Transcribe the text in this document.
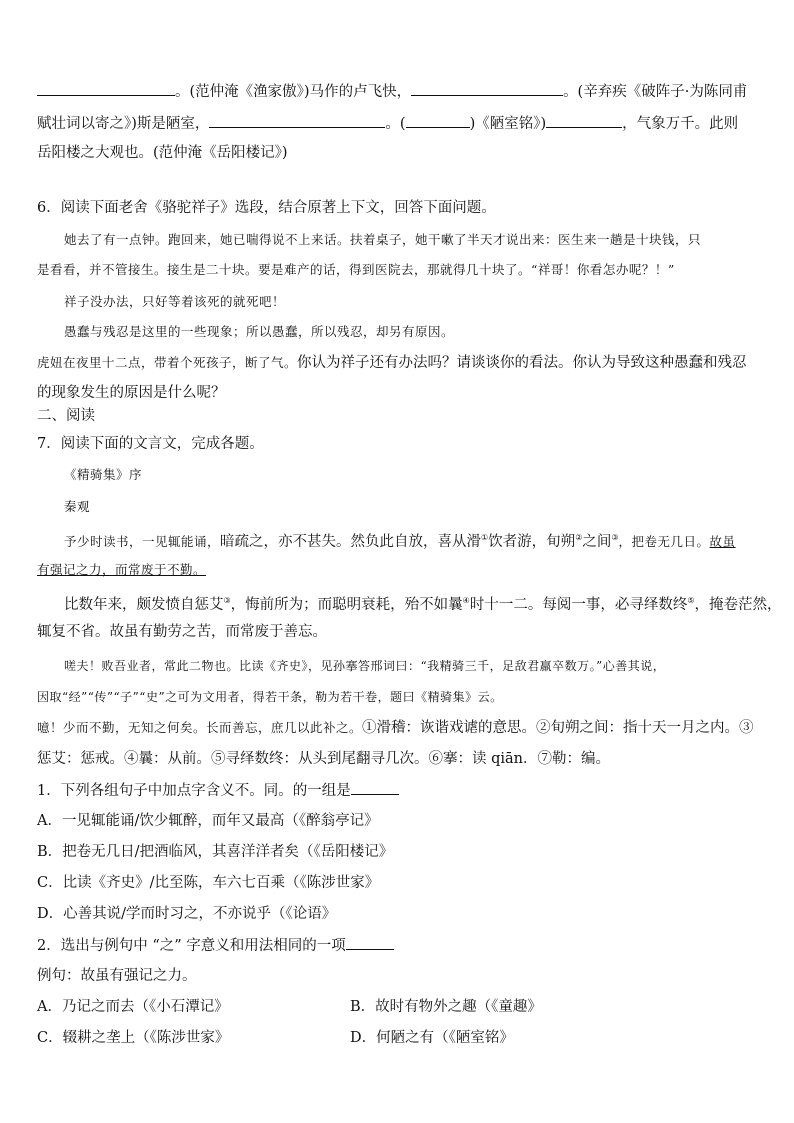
。(范仲淹《渔家傲》)马作的卢飞快，	。(辛弃疾《破阵子·为陈同甫
赋壮词以寄之》)斯是陋室，	。(	)《陋室铭》)	，气象万千。此则
岳阳楼之大观也。(范仲淹《岳阳楼记》)
6．阅读下面老舍《骆驼祥子》选段，结合原著上下文，回答下面问题。
她去了有一点钟。跑回来，她已喘得说不上来话。扶着桌子，她干嗽了半天才说出来：医生来一趟是十块钱，只
是看看，并不管接生。接生是二十块。要是难产的话，得到医院去，那就得几十块了。“祥哥！你看怎办呢？！”
祥子没办法，只好等着该死的就死吧！
愚蠢与残忍是这里的一些现象；所以愚蠢，所以残忍，却另有原因。
虎妞在夜里十二点，带着个死孩子，断了气。你认为祥子还有办法吗？请谈谈你的看法。你认为导致这种愚蠢和残忍
的现象发生的原因是什么呢？
二、阅读
7．阅读下面的文言文，完成各题。
《精骑集》序
秦观
予少时读书，一见辄能诵，暗疏之，亦不甚失。然负此自放，喜从滑①饮者游，旬朔②之间③，把卷无几日。故虽
有强记之力，而常废于不勤。
比数年来，颇发愤自惩艾③，悔前所为；而聪明衰耗，殆不如曩④时十一二。每阅一事，必寻绎数终⑤，掩卷茫然，
辄复不省。故虽有勤劳之苦，而常废于善忘。
嗟夫！败吾业者，常此二物也。比读《齐史》，见孙搴答邢词曰：“我精骑三千，足敌君羸卒数万。”心善其说，
因取“经”“传”“子”“史”之可为文用者，得若干条，勒为若干卷，题曰《精骑集》云。
噫！少而不勤，无知之何矣。长而善忘，庶几以此补之。①滑稽：诙谐戏谑的意思。②旬朔之间：指十天一月之内。③
惩艾：惩戒。④曩：从前。⑤寻绎数终：从头到尾翻寻几次。⑥搴：读 qiān．⑦勒：编。
1．下列各组句子中加点字含义不。同。的一组是
A．一见辄能诵/饮少辄醉，而年又最高（《醉翁亭记》
B．把卷无几日/把酒临风，其喜洋洋者矣（《岳阳楼记》
C．比读《齐史》/比至陈，车六七百乘（《陈涉世家》
D．心善其说/学而时习之，不亦说乎（《论语》
2．选出与例句中 “之” 字意义和用法相同的一项
例句：故虽有强记之力。
A．乃记之而去（《小石潭记》	B．故时有物外之趣（《童趣》
C．辍耕之垄上（《陈涉世家》	D．何陋之有（《陋室铭》
